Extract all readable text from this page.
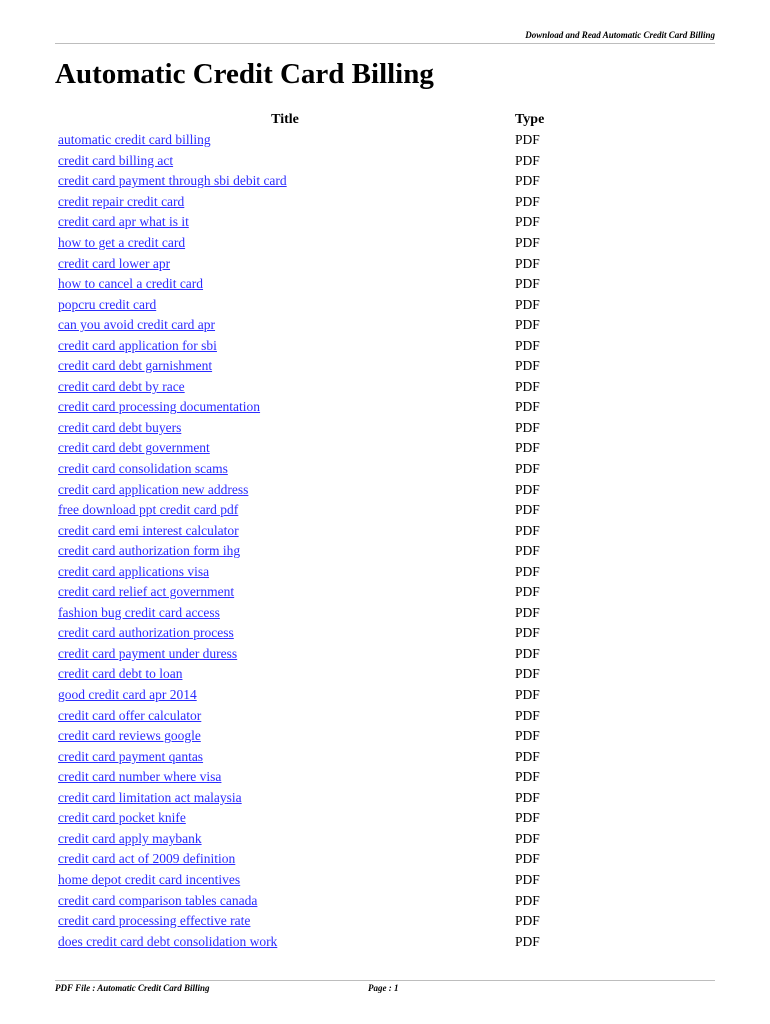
Download and Read Automatic Credit Card Billing
Automatic Credit Card Billing
Title	Type
automatic credit card billing	PDF
credit card billing act	PDF
credit card payment through sbi debit card	PDF
credit repair credit card	PDF
credit card apr what is it	PDF
how to get a credit card	PDF
credit card lower apr	PDF
how to cancel a credit card	PDF
popcru credit card	PDF
can you avoid credit card apr	PDF
credit card application for sbi	PDF
credit card debt garnishment	PDF
credit card debt by race	PDF
credit card processing documentation	PDF
credit card debt buyers	PDF
credit card debt government	PDF
credit card consolidation scams	PDF
credit card application new address	PDF
free download ppt credit card pdf	PDF
credit card emi interest calculator	PDF
credit card authorization form ihg	PDF
credit card applications visa	PDF
credit card relief act government	PDF
fashion bug credit card access	PDF
credit card authorization process	PDF
credit card payment under duress	PDF
credit card debt to loan	PDF
good credit card apr 2014	PDF
credit card offer calculator	PDF
credit card reviews google	PDF
credit card payment qantas	PDF
credit card number where visa	PDF
credit card limitation act malaysia	PDF
credit card pocket knife	PDF
credit card apply maybank	PDF
credit card act of 2009 definition	PDF
home depot credit card incentives	PDF
credit card comparison tables canada	PDF
credit card processing effective rate	PDF
does credit card debt consolidation work	PDF
PDF File : Automatic Credit Card Billing	Page : 1
